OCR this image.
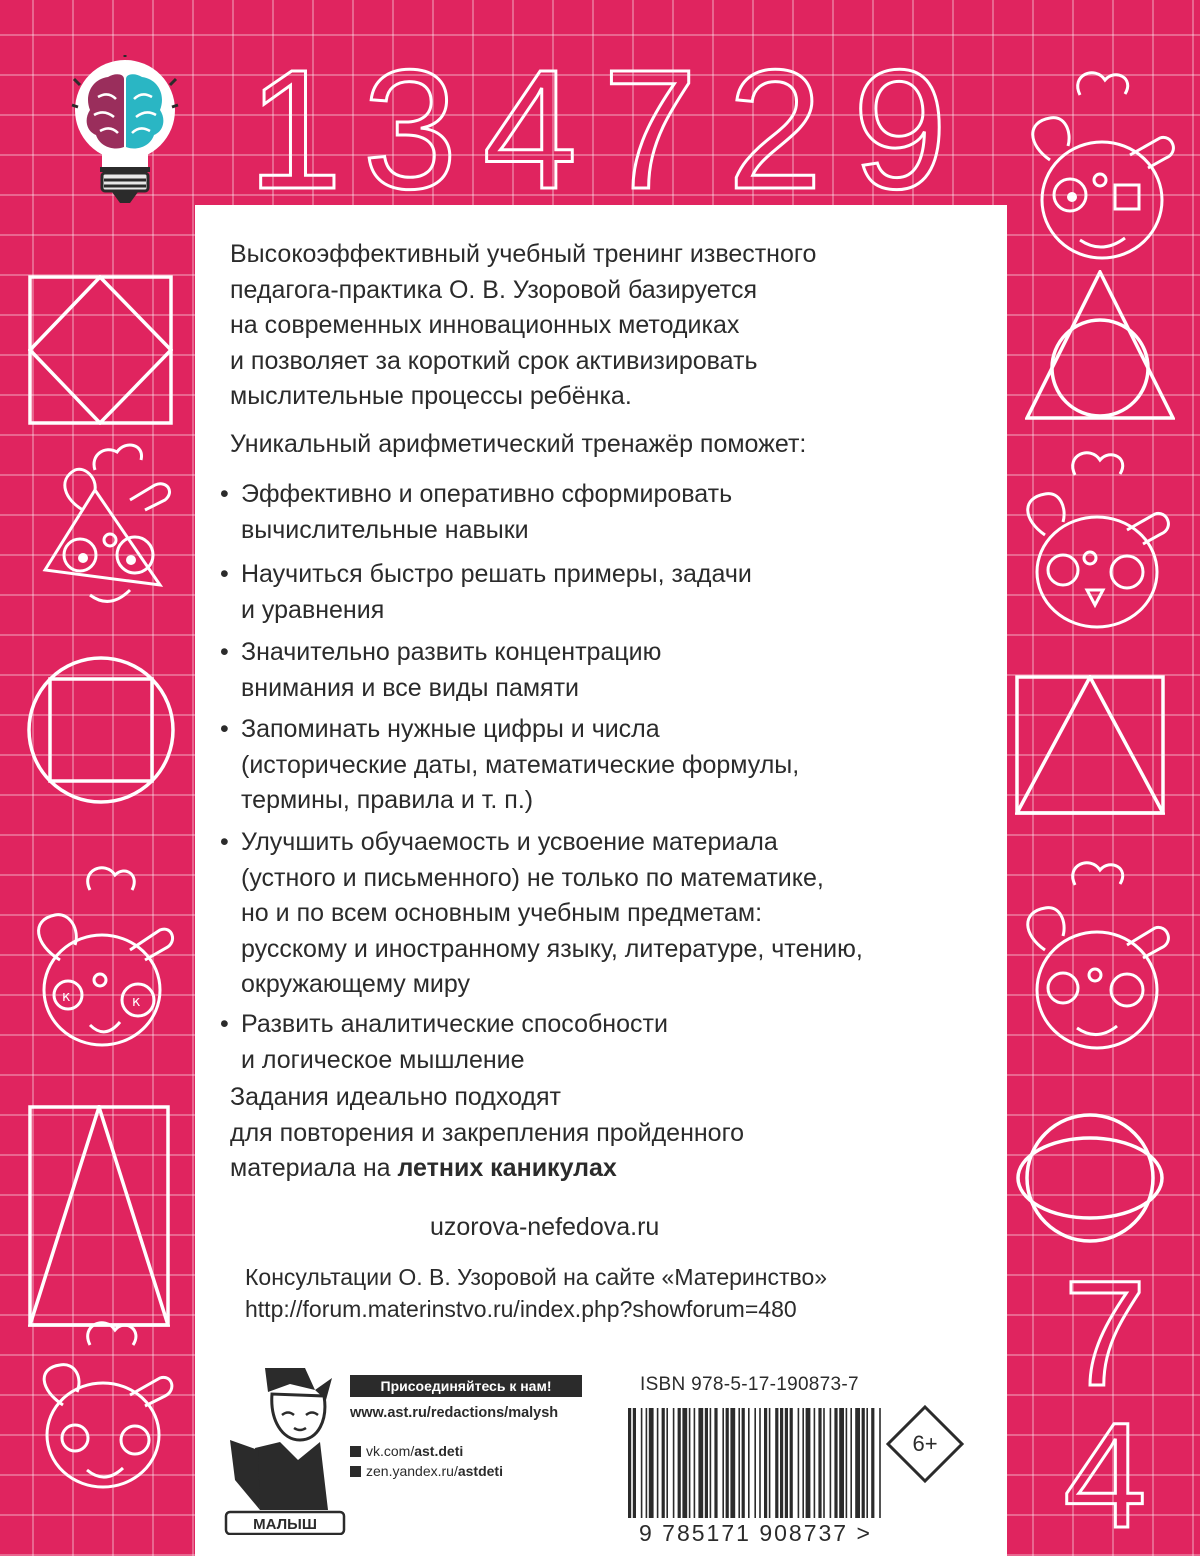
1 3 4 7 2 9
к	к
7
4
Высокоэффективный учебный тренинг известного
педагога-практика О. В. Узоровой базируется
на современных инновационных методиках
и позволяет за короткий срок активизировать
мыслительные процессы ребёнка.
Уникальный арифметический тренажёр поможет:
• Эффективно и оперативно сформировать
вычислительные навыки
• Научиться быстро решать примеры, задачи
и уравнения
• Значительно развить концентрацию
внимания и все виды памяти
• Запоминать нужные цифры и числа
(исторические даты, математические формулы,
термины, правила и т. п.)
• Улучшить обучаемость и усвоение материала
(устного и письменного) не только по математике,
но и по всем основным учебным предметам:
русскому и иностранному языку, литературе, чтению,
окружающему миру
• Развить аналитические способности
и логическое мышление
Задания идеально подходят
для повторения и закрепления пройденного
материала на летних каникулах
uzorova-nefedova.ru
Консультации О. В. Узоровой на сайте «Материнство»
http://forum.materinstvo.ru/index.php?showforum=480
МАЛЫШ
Присоединяйтесь к нам!
www.ast.ru/redactions/malysh
vk.com/ast.deti
zen.yandex.ru/astdeti
ISBN 978-5-17-190873-7
9 785171 908737 >
6+
